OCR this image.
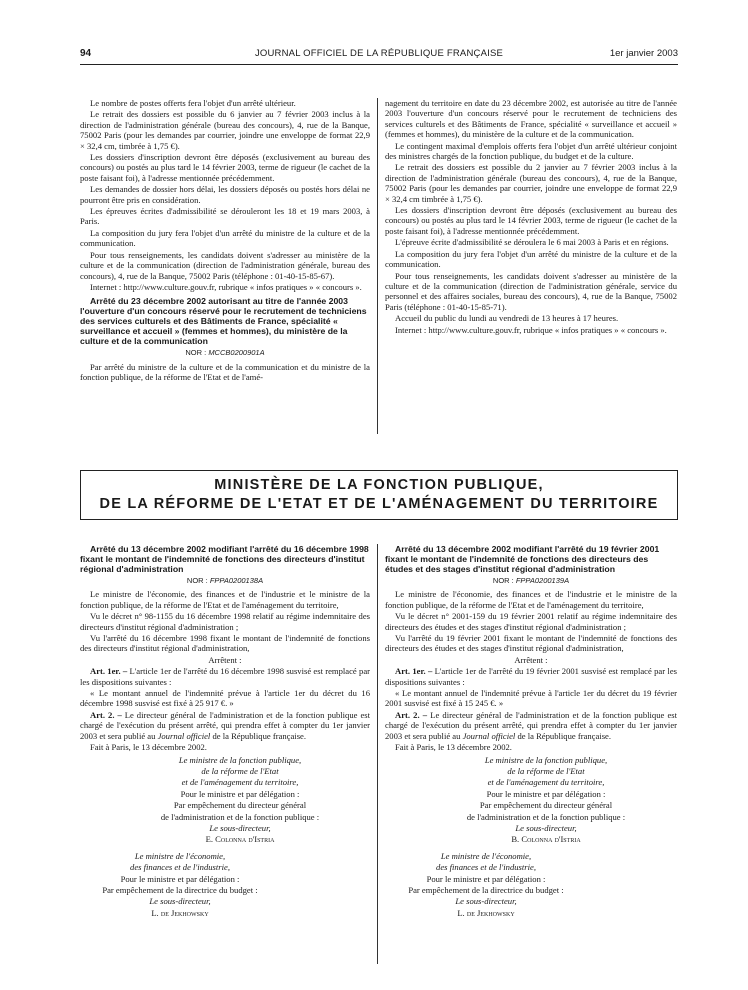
94	JOURNAL OFFICIEL DE LA RÉPUBLIQUE FRANÇAISE	1er janvier 2003

Le nombre de postes offerts fera l'objet d'un arrêté ultérieur.

Le retrait des dossiers est possible du 6 janvier au 7 février 2003 inclus à la direction de l'administration générale (bureau des concours), 4, rue de la Banque, 75002 Paris (pour les demandes par courrier, joindre une enveloppe de format 22,9 × 32,4 cm, timbrée à 1,75 €).

Les dossiers d'inscription devront être déposés (exclusivement au bureau des concours) ou postés au plus tard le 14 février 2003, terme de rigueur (le cachet de la poste faisant foi), à l'adresse mentionnée précédemment.

Les demandes de dossier hors délai, les dossiers déposés ou postés hors délai ne pourront être pris en considération.

Les épreuves écrites d'admissibilité se dérouleront les 18 et 19 mars 2003, à Paris.

La composition du jury fera l'objet d'un arrêté du ministre de la culture et de la communication.

Pour tous renseignements, les candidats doivent s'adresser au ministère de la culture et de la communication (direction de l'administration générale, bureau des concours), 4, rue de la Banque, 75002 Paris (téléphone : 01-40-15-85-67).

Internet : http://www.culture.gouv.fr, rubrique « infos pratiques » « concours ».

Arrêté du 23 décembre 2002 autorisant au titre de l'année 2003 l'ouverture d'un concours réservé pour le recrutement de techniciens des services culturels et des Bâtiments de France, spécialité « surveillance et accueil » (femmes et hommes), du ministère de la culture et de la communication
NOR : MCCB0200901A

Par arrêté du ministre de la culture et de la communication et du ministre de la fonction publique, de la réforme de l'Etat et de l'amé-

nagement du territoire en date du 23 décembre 2002, est autorisée au titre de l'année 2003 l'ouverture d'un concours réservé pour le recrutement de techniciens des services culturels et des Bâtiments de France, spécialité « surveillance et accueil » (femmes et hommes), du ministère de la culture et de la communication.

Le contingent maximal d'emplois offerts fera l'objet d'un arrêté ultérieur conjoint des ministres chargés de la fonction publique, du budget et de la culture.

Le retrait des dossiers est possible du 2 janvier au 7 février 2003 inclus à la direction de l'administration générale (bureau des concours), 4, rue de la Banque, 75002 Paris (pour les demandes par courrier, joindre une enveloppe de format 22,9 × 32,4 cm timbrée à 1,75 €).

Les dossiers d'inscription devront être déposés (exclusivement au bureau des concours) ou postés au plus tard le 14 février 2003, terme de rigueur (le cachet de la poste faisant foi), à l'adresse mentionnée précédemment.

L'épreuve écrite d'admissibilité se déroulera le 6 mai 2003 à Paris et en régions.

La composition du jury fera l'objet d'un arrêté du ministre de la culture et de la communication.

Pour tous renseignements, les candidats doivent s'adresser au ministère de la culture et de la communication (direction de l'administration générale, service du personnel et des affaires sociales, bureau des concours), 4, rue de la Banque, 75002 Paris (téléphone : 01-40-15-85-71).

Accueil du public du lundi au vendredi de 13 heures à 17 heures.

Internet : http://www.culture.gouv.fr, rubrique « infos pratiques » « concours ».

MINISTÈRE DE LA FONCTION PUBLIQUE,
DE LA RÉFORME DE L'ETAT ET DE L'AMÉNAGEMENT DU TERRITOIRE
Arrêté du 13 décembre 2002 modifiant l'arrêté du 16 décembre 1998 fixant le montant de l'indemnité de fonctions des directeurs d'institut régional d'administration
NOR : FPPA0200138A

Le ministre de l'économie, des finances et de l'industrie et le ministre de la fonction publique, de la réforme de l'Etat et de l'aménagement du territoire,

Vu le décret n° 98-1155 du 16 décembre 1998 relatif au régime indemnitaire des directeurs d'institut régional d'administration ;

Vu l'arrêté du 16 décembre 1998 fixant le montant de l'indemnité de fonctions des directeurs d'institut régional d'administration,

Arrêtent :

Art. 1er. – L'article 1er de l'arrêté du 16 décembre 1998 susvisé est remplacé par les dispositions suivantes :

« Le montant annuel de l'indemnité prévue à l'article 1er du décret du 16 décembre 1998 susvisé est fixé à 25 917 €. »

Art. 2. – Le directeur général de l'administration et de la fonction publique est chargé de l'exécution du présent arrêté, qui prendra effet à compter du 1er janvier 2003 et sera publié au Journal officiel de la République française.

Fait à Paris, le 13 décembre 2002.

Le ministre de la fonction publique,

de la réforme de l'Etat

et de l'aménagement du territoire,

Pour le ministre et par délégation :

Par empêchement du directeur général

de l'administration et de la fonction publique :

Le sous-directeur,

E. Colonna d'Istria

Le ministre de l'économie,

des finances et de l'industrie,

Pour le ministre et par délégation :

Par empêchement de la directrice du budget :

Le sous-directeur,

L. de Jekhowsky

Arrêté du 13 décembre 2002 modifiant l'arrêté du 19 février 2001 fixant le montant de l'indemnité de fonctions des directeurs des études et des stages d'institut régional d'administration
NOR : FPPA0200139A

Le ministre de l'économie, des finances et de l'industrie et le ministre de la fonction publique, de la réforme de l'Etat et de l'aménagement du territoire,

Vu le décret n° 2001-159 du 19 février 2001 relatif au régime indemnitaire des directeurs des études et des stages d'institut régional d'administration ;

Vu l'arrêté du 19 février 2001 fixant le montant de l'indemnité de fonctions des directeurs des études et des stages d'institut régional d'administration,

Arrêtent :

Art. 1er. – L'article 1er de l'arrêté du 19 février 2001 susvisé est remplacé par les dispositions suivantes :

« Le montant annuel de l'indemnité prévue à l'article 1er du décret du 19 février 2001 susvisé est fixé à 15 245 €. »

Art. 2. – Le directeur général de l'administration et de la fonction publique est chargé de l'exécution du présent arrêté, qui prendra effet à compter du 1er janvier 2003 et sera publié au Journal officiel de la République française.

Fait à Paris, le 13 décembre 2002.

Le ministre de la fonction publique,

de la réforme de l'Etat

et de l'aménagement du territoire,

Pour le ministre et par délégation :

Par empêchement du directeur général

de l'administration et de la fonction publique :

Le sous-directeur,

B. Colonna d'Istria

Le ministre de l'économie,

des finances et de l'industrie,

Pour le ministre et par délégation :

Par empêchement de la directrice du budget :

Le sous-directeur,

L. de Jekhowsky
